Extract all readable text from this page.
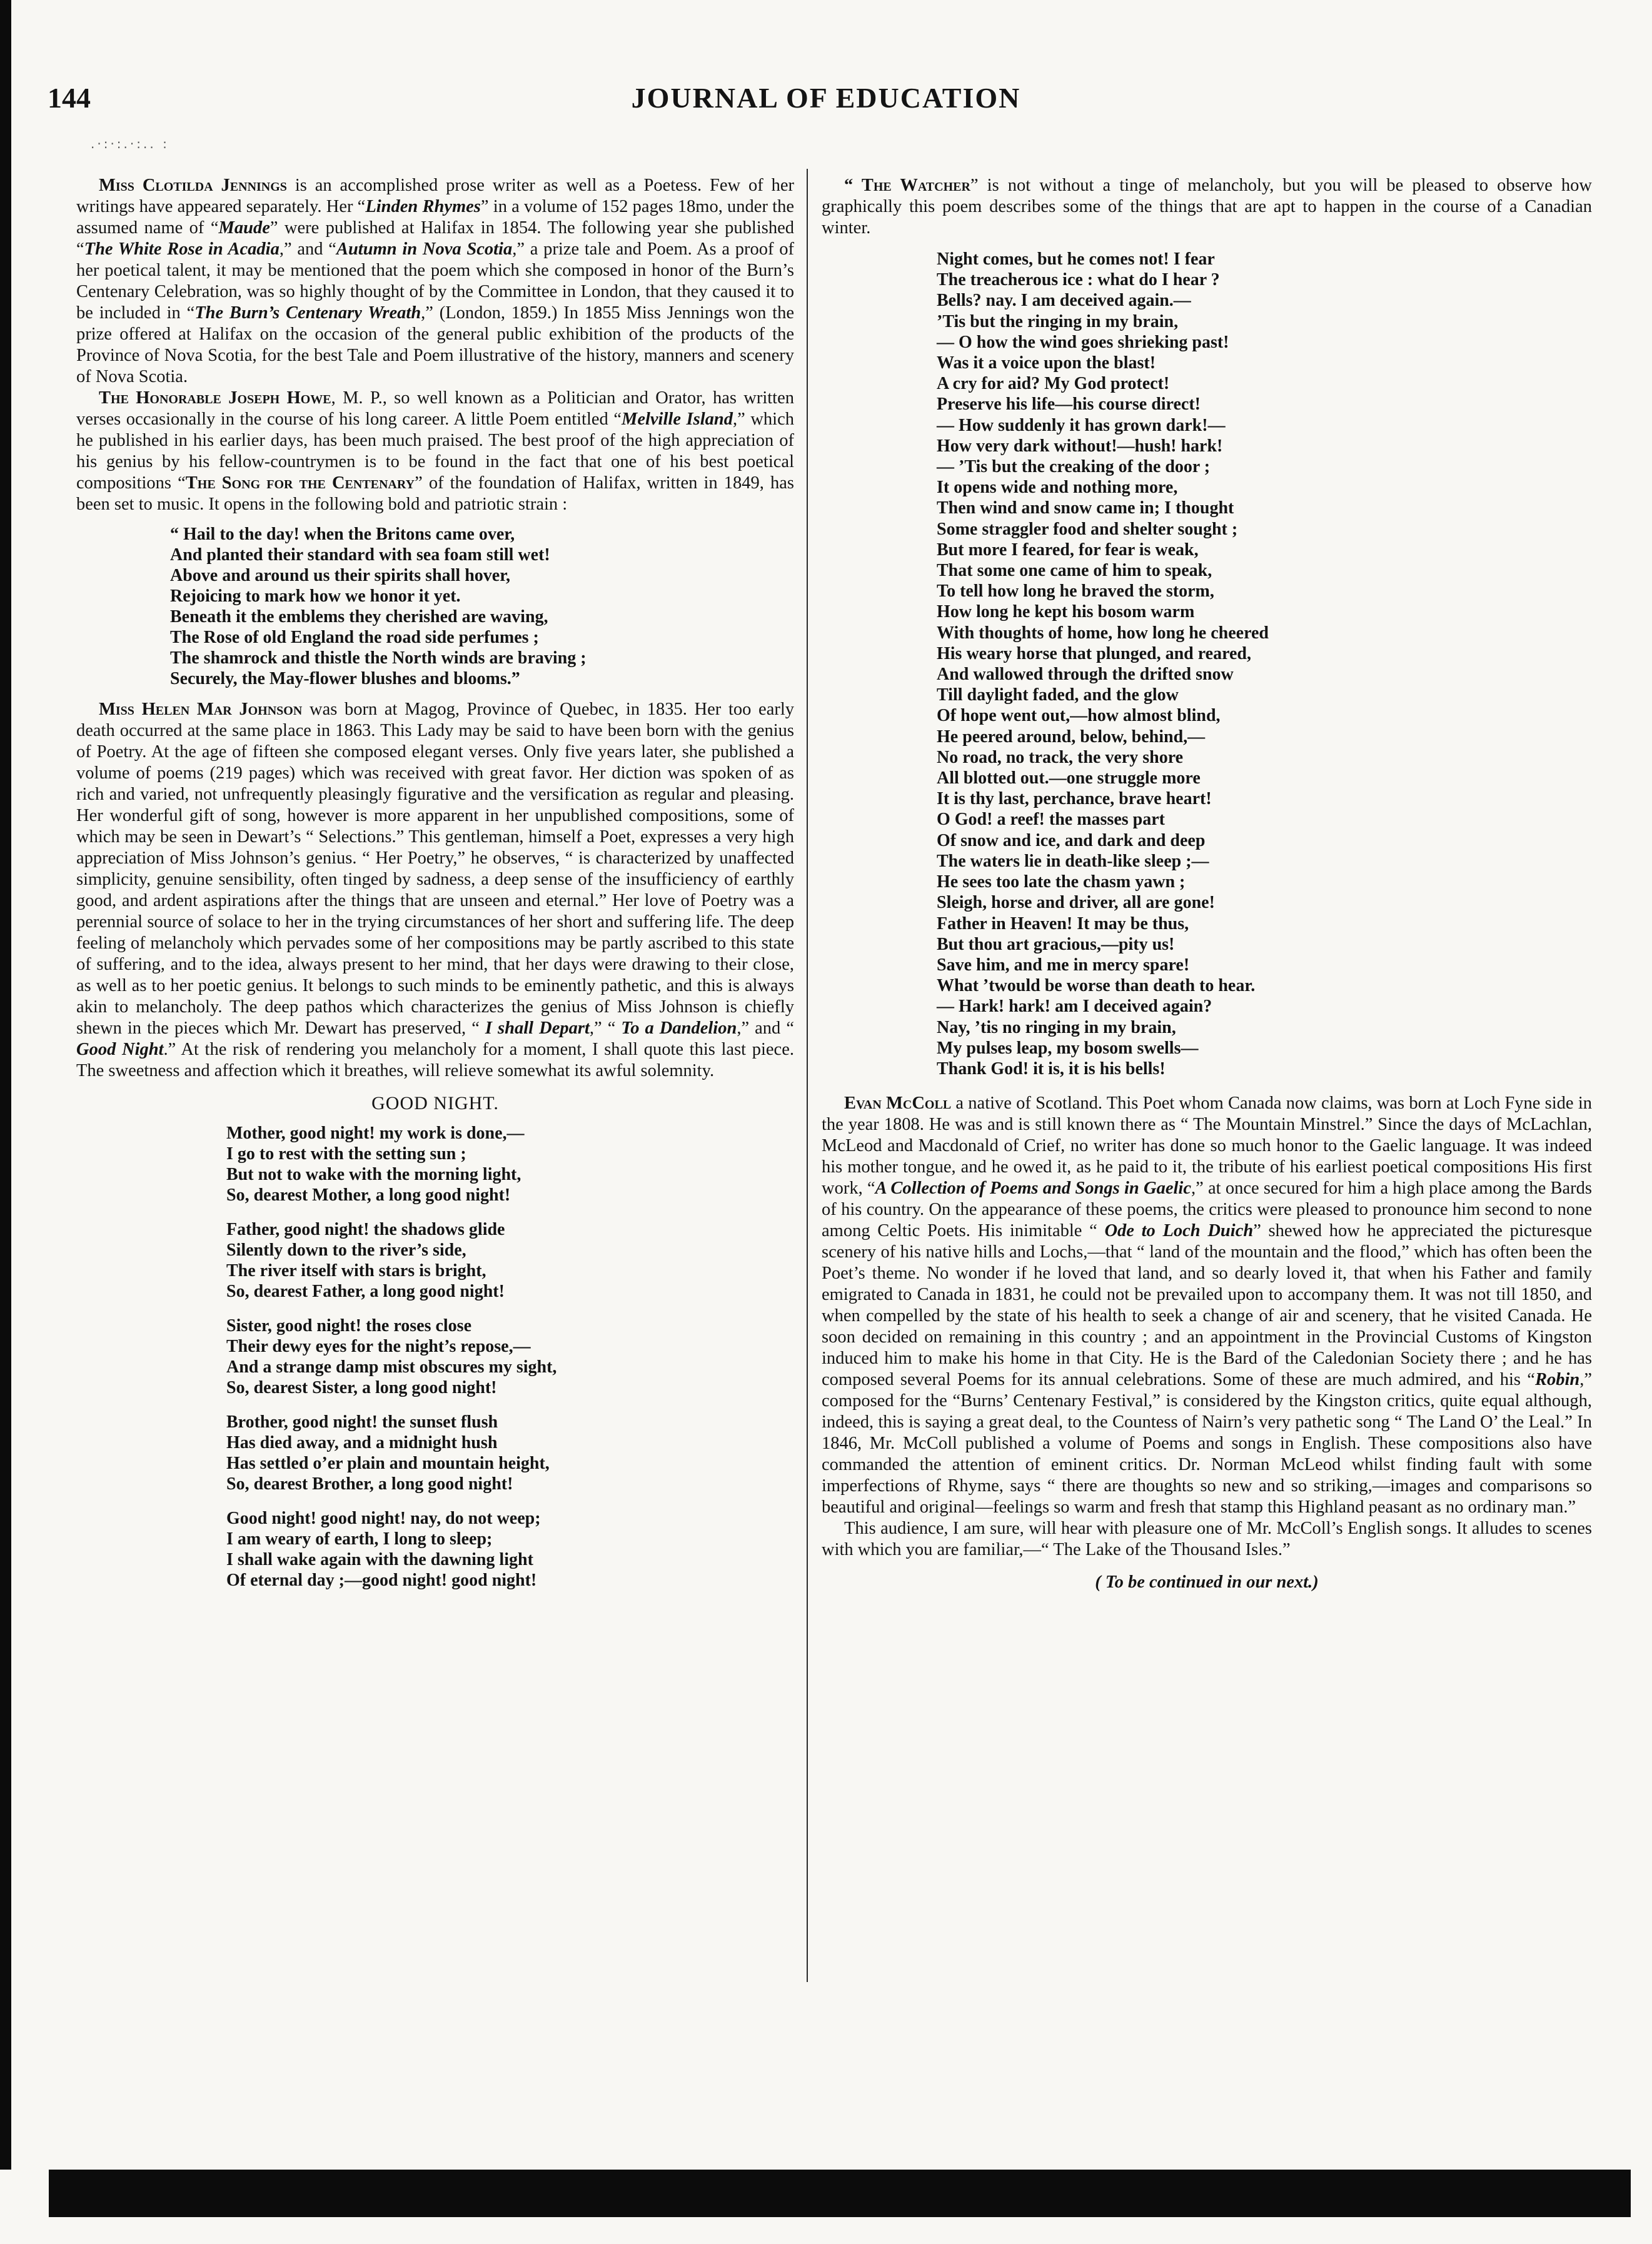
144	JOURNAL OF EDUCATION
.·:·:.·:.. :

Miss Clotilda Jennings is an accomplished prose writer as well as a Poetess. Few of her writings have appeared separately. Her “Linden Rhymes” in a volume of 152 pages 18mo, under the assumed name of “Maude” were published at Halifax in 1854. The following year she published “The White Rose in Acadia,” and “Autumn in Nova Scotia,” a prize tale and Poem. As a proof of her poetical talent, it may be mentioned that the poem which she composed in honor of the Burn’s Centenary Celebration, was so highly thought of by the Committee in London, that they caused it to be included in “The Burn’s Centenary Wreath,” (London, 1859.) In 1855 Miss Jennings won the prize offered at Halifax on the occasion of the general public exhibition of the products of the Province of Nova Scotia, for the best Tale and Poem illustrative of the history, manners and scenery of Nova Scotia.

The Honorable Joseph Howe, M. P., so well known as a Politician and Orator, has written verses occasionally in the course of his long career. A little Poem entitled “Melville Island,” which he published in his earlier days, has been much praised. The best proof of the high appreciation of his genius by his fellow-countrymen is to be found in the fact that one of his best poetical compositions “The Song for the Centenary” of the foundation of Halifax, written in 1849, has been set to music. It opens in the following bold and patriotic strain :

“ Hail to the day! when the Britons came over,
And planted their standard with sea foam still wet!
Above and around us their spirits shall hover,
Rejoicing to mark how we honor it yet.
Beneath it the emblems they cherished are waving,
The Rose of old England the road side perfumes ;
The shamrock and thistle the North winds are braving ;
Securely, the May-flower blushes and blooms.”

Miss Helen Mar Johnson was born at Magog, Province of Quebec, in 1835. Her too early death occurred at the same place in 1863. This Lady may be said to have been born with the genius of Poetry. At the age of fifteen she composed elegant verses. Only five years later, she published a volume of poems (219 pages) which was received with great favor. Her diction was spoken of as rich and varied, not unfrequently pleasingly figurative and the versification as regular and pleasing. Her wonderful gift of song, however is more apparent in her unpublished compositions, some of which may be seen in Dewart’s “ Selections.” This gentleman, himself a Poet, expresses a very high appreciation of Miss Johnson’s genius. “ Her Poetry,” he observes, “ is characterized by unaffected simplicity, genuine sensibility, often tinged by sadness, a deep sense of the insufficiency of earthly good, and ardent aspirations after the things that are unseen and eternal.” Her love of Poetry was a perennial source of solace to her in the trying circumstances of her short and suffering life. The deep feeling of melancholy which pervades some of her compositions may be partly ascribed to this state of suffering, and to the idea, always present to her mind, that her days were drawing to their close, as well as to her poetic genius. It belongs to such minds to be eminently pathetic, and this is always akin to melancholy. The deep pathos which characterizes the genius of Miss Johnson is chiefly shewn in the pieces which Mr. Dewart has preserved, “ I shall Depart,” “ To a Dandelion,” and “ Good Night.” At the risk of rendering you melancholy for a moment, I shall quote this last piece. The sweetness and affection which it breathes, will relieve somewhat its awful solemnity.

GOOD NIGHT.
Mother, good night! my work is done,—
I go to rest with the setting sun ;
But not to wake with the morning light,
So, dearest Mother, a long good night!
Father, good night! the shadows glide
Silently down to the river’s side,
The river itself with stars is bright,
So, dearest Father, a long good night!
Sister, good night! the roses close
Their dewy eyes for the night’s repose,—
And a strange damp mist obscures my sight,
So, dearest Sister, a long good night!
Brother, good night! the sunset flush
Has died away, and a midnight hush
Has settled o’er plain and mountain height,
So, dearest Brother, a long good night!
Good night! good night! nay, do not weep;
I am weary of earth, I long to sleep;
I shall wake again with the dawning light
Of eternal day ;—good night! good night!

“ The Watcher” is not without a tinge of melancholy, but you will be pleased to observe how graphically this poem describes some of the things that are apt to happen in the course of a Canadian winter.

Night comes, but he comes not! I fear
The treacherous ice : what do I hear ?
Bells? nay. I am deceived again.—
’Tis but the ringing in my brain,
— O how the wind goes shrieking past!
Was it a voice upon the blast!
A cry for aid? My God protect!
Preserve his life—his course direct!
— How suddenly it has grown dark!—
How very dark without!—hush! hark!
— ’Tis but the creaking of the door ;
It opens wide and nothing more,
Then wind and snow came in; I thought
Some straggler food and shelter sought ;
But more I feared, for fear is weak,
That some one came of him to speak,
To tell how long he braved the storm,
How long he kept his bosom warm
With thoughts of home, how long he cheered
His weary horse that plunged, and reared,
And wallowed through the drifted snow
Till daylight faded, and the glow
Of hope went out,—how almost blind,
He peered around, below, behind,—
No road, no track, the very shore
All blotted out.—one struggle more
It is thy last, perchance, brave heart!
O God! a reef! the masses part
Of snow and ice, and dark and deep
The waters lie in death-like sleep ;—
He sees too late the chasm yawn ;
Sleigh, horse and driver, all are gone!
Father in Heaven! It may be thus,
But thou art gracious,—pity us!
Save him, and me in mercy spare!
What ’twould be worse than death to hear.
— Hark! hark! am I deceived again?
Nay, ’tis no ringing in my brain,
My pulses leap, my bosom swells—
Thank God! it is, it is his bells!

Evan McColl a native of Scotland. This Poet whom Canada now claims, was born at Loch Fyne side in the year 1808. He was and is still known there as “ The Mountain Minstrel.” Since the days of McLachlan, McLeod and Macdonald of Crief, no writer has done so much honor to the Gaelic language. It was indeed his mother tongue, and he owed it, as he paid to it, the tribute of his earliest poetical compositions His first work, “A Collection of Poems and Songs in Gaelic,” at once secured for him a high place among the Bards of his country. On the appearance of these poems, the critics were pleased to pronounce him second to none among Celtic Poets. His inimitable “ Ode to Loch Duich” shewed how he appreciated the picturesque scenery of his native hills and Lochs,—that “ land of the mountain and the flood,” which has often been the Poet’s theme. No wonder if he loved that land, and so dearly loved it, that when his Father and family emigrated to Canada in 1831, he could not be prevailed upon to accompany them. It was not till 1850, and when compelled by the state of his health to seek a change of air and scenery, that he visited Canada. He soon decided on remaining in this country ; and an appointment in the Provincial Customs of Kingston induced him to make his home in that City. He is the Bard of the Caledonian Society there ; and he has composed several Poems for its annual celebrations. Some of these are much admired, and his “Robin,” composed for the “Burns’ Centenary Festival,” is considered by the Kingston critics, quite equal although, indeed, this is saying a great deal, to the Countess of Nairn’s very pathetic song “ The Land O’ the Leal.” In 1846, Mr. McColl published a volume of Poems and songs in English. These compositions also have commanded the attention of eminent critics. Dr. Norman McLeod whilst finding fault with some imperfections of Rhyme, says “ there are thoughts so new and so striking,—images and comparisons so beautiful and original—feelings so warm and fresh that stamp this Highland peasant as no ordinary man.”

This audience, I am sure, will hear with pleasure one of Mr. McColl’s English songs. It alludes to scenes with which you are familiar,—“ The Lake of the Thousand Isles.”

( To be continued in our next.)
